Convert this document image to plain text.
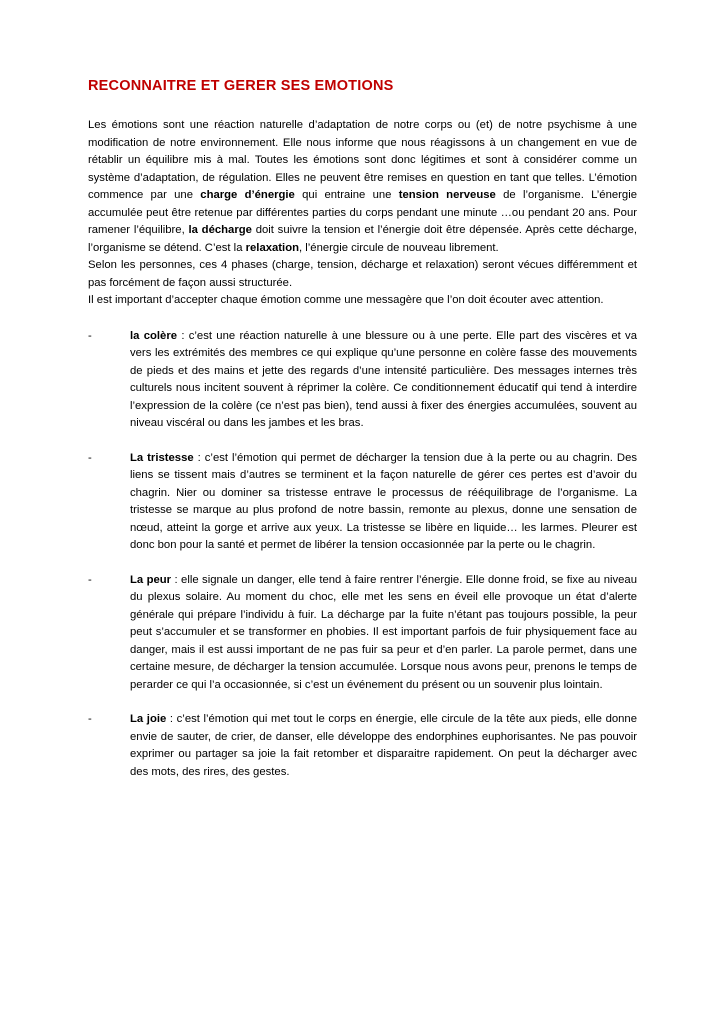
RECONNAITRE ET GERER SES EMOTIONS

Les émotions sont une réaction naturelle d’adaptation de notre corps ou (et) de notre psychisme à une modification de notre environnement. Elle nous informe que nous réagissons à un changement en vue de rétablir un équilibre mis à mal. Toutes les émotions sont donc légitimes et sont à considérer comme un système d’adaptation, de régulation. Elles ne peuvent être remises en question en tant que telles. L’émotion commence par une charge d’énergie qui entraine une tension nerveuse de l’organisme. L’énergie accumulée peut être retenue par différentes parties du corps pendant une minute …ou pendant 20 ans. Pour ramener l’équilibre, la décharge doit suivre la tension et l’énergie doit être dépensée. Après cette décharge, l’organisme se détend. C’est la relaxation, l’énergie circule de nouveau librement.

Selon les personnes, ces 4 phases (charge, tension, décharge et relaxation) seront vécues différemment et pas forcément de façon aussi structurée.

Il est important d’accepter chaque émotion comme une messagère que l’on doit écouter avec attention.

-	la colère : c’est une réaction naturelle à une blessure ou à une perte. Elle part des viscères et va vers les extrémités des membres ce qui explique qu’une personne en colère fasse des mouvements de pieds et des mains et jette des regards d’une intensité particulière. Des messages internes très culturels nous incitent souvent à réprimer la colère. Ce conditionnement éducatif qui tend à interdire l’expression de la colère (ce n’est pas bien), tend aussi à fixer des énergies accumulées, souvent au niveau viscéral ou dans les jambes et les bras.
-	La tristesse : c’est l’émotion qui permet de décharger la tension due à la perte ou au chagrin. Des liens se tissent mais d’autres se terminent et la façon naturelle de gérer ces pertes est d’avoir du chagrin. Nier ou dominer sa tristesse entrave le processus de rééquilibrage de l’organisme. La tristesse se marque au plus profond de notre bassin, remonte au plexus, donne une sensation de nœud, atteint la gorge et arrive aux yeux. La tristesse se libère en liquide… les larmes. Pleurer est donc bon pour la santé et permet de libérer la tension occasionnée par la perte ou le chagrin.
-	La peur : elle signale un danger, elle tend à faire rentrer l’énergie. Elle donne froid, se fixe au niveau du plexus solaire. Au moment du choc, elle met les sens en éveil elle provoque un état d’alerte générale qui prépare l’individu à fuir. La décharge par la fuite n’étant pas toujours possible, la peur peut s’accumuler et se transformer en phobies. Il est important parfois de fuir physiquement face au danger, mais il est aussi important de ne pas fuir sa peur et d’en parler. La parole permet, dans une certaine mesure, de décharger la tension accumulée. Lorsque nous avons peur, prenons le temps de регarder ce qui l’a occasionnée, si c’est un événement du présent ou un souvenir plus lointain.
-	La joie : c’est l’émotion qui met tout le corps en énergie, elle circule de la tête aux pieds, elle donne envie de sauter, de crier, de danser, elle développe des endorphines euphorisantes. Ne pas pouvoir exprimer ou partager sa joie la fait retomber et disparaitre rapidement. On peut la décharger avec des mots, des rires, des gestes.
